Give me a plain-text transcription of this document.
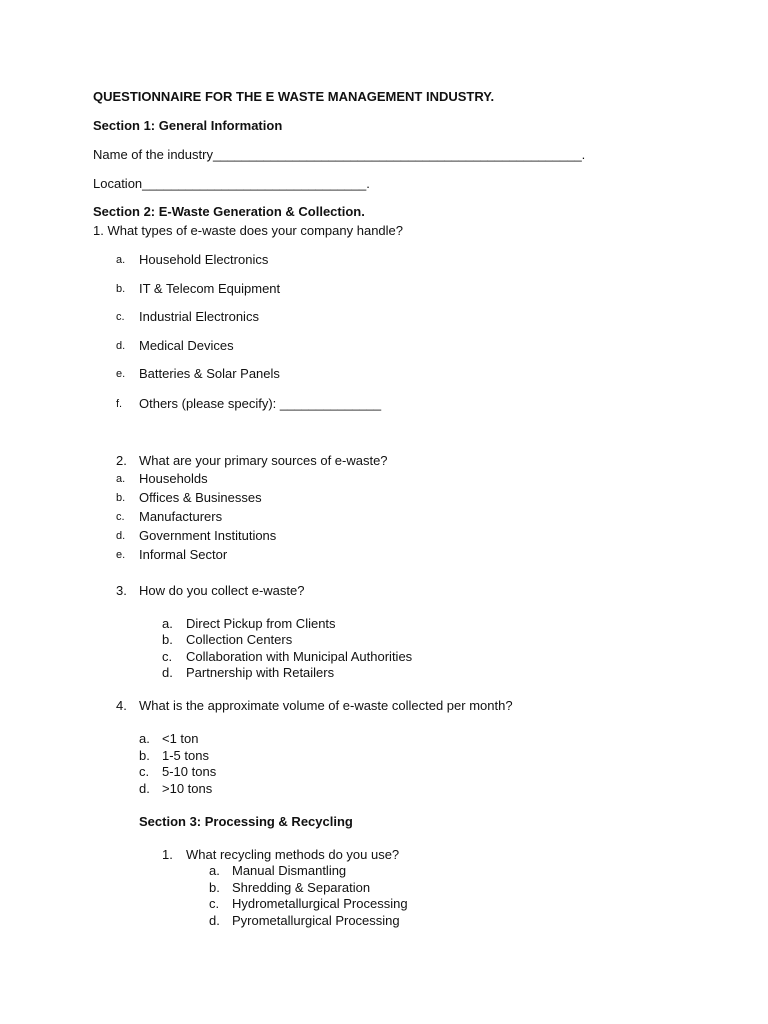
QUESTIONNAIRE FOR THE E WASTE MANAGEMENT INDUSTRY.
Section 1: General Information
Name of the industry___________________________________________________.
Location_______________________________.
Section 2: E-Waste Generation & Collection.
1. What types of e-waste does your company handle?
a. Household Electronics
b. IT & Telecom Equipment
c. Industrial Electronics
d. Medical Devices
e. Batteries & Solar Panels
f. Others (please specify): ______________
2. What are your primary sources of e-waste?
a. Households
b. Offices & Businesses
c. Manufacturers
d. Government Institutions
e. Informal Sector
3. How do you collect e-waste?
a. Direct Pickup from Clients
b. Collection Centers
c. Collaboration with Municipal Authorities
d. Partnership with Retailers
4. What is the approximate volume of e-waste collected per month?
a. <1 ton
b. 1-5 tons
c. 5-10 tons
d. >10 tons
Section 3: Processing & Recycling
1. What recycling methods do you use?
a. Manual Dismantling
b. Shredding & Separation
c. Hydrometallurgical Processing
d. Pyrometallurgical Processing
